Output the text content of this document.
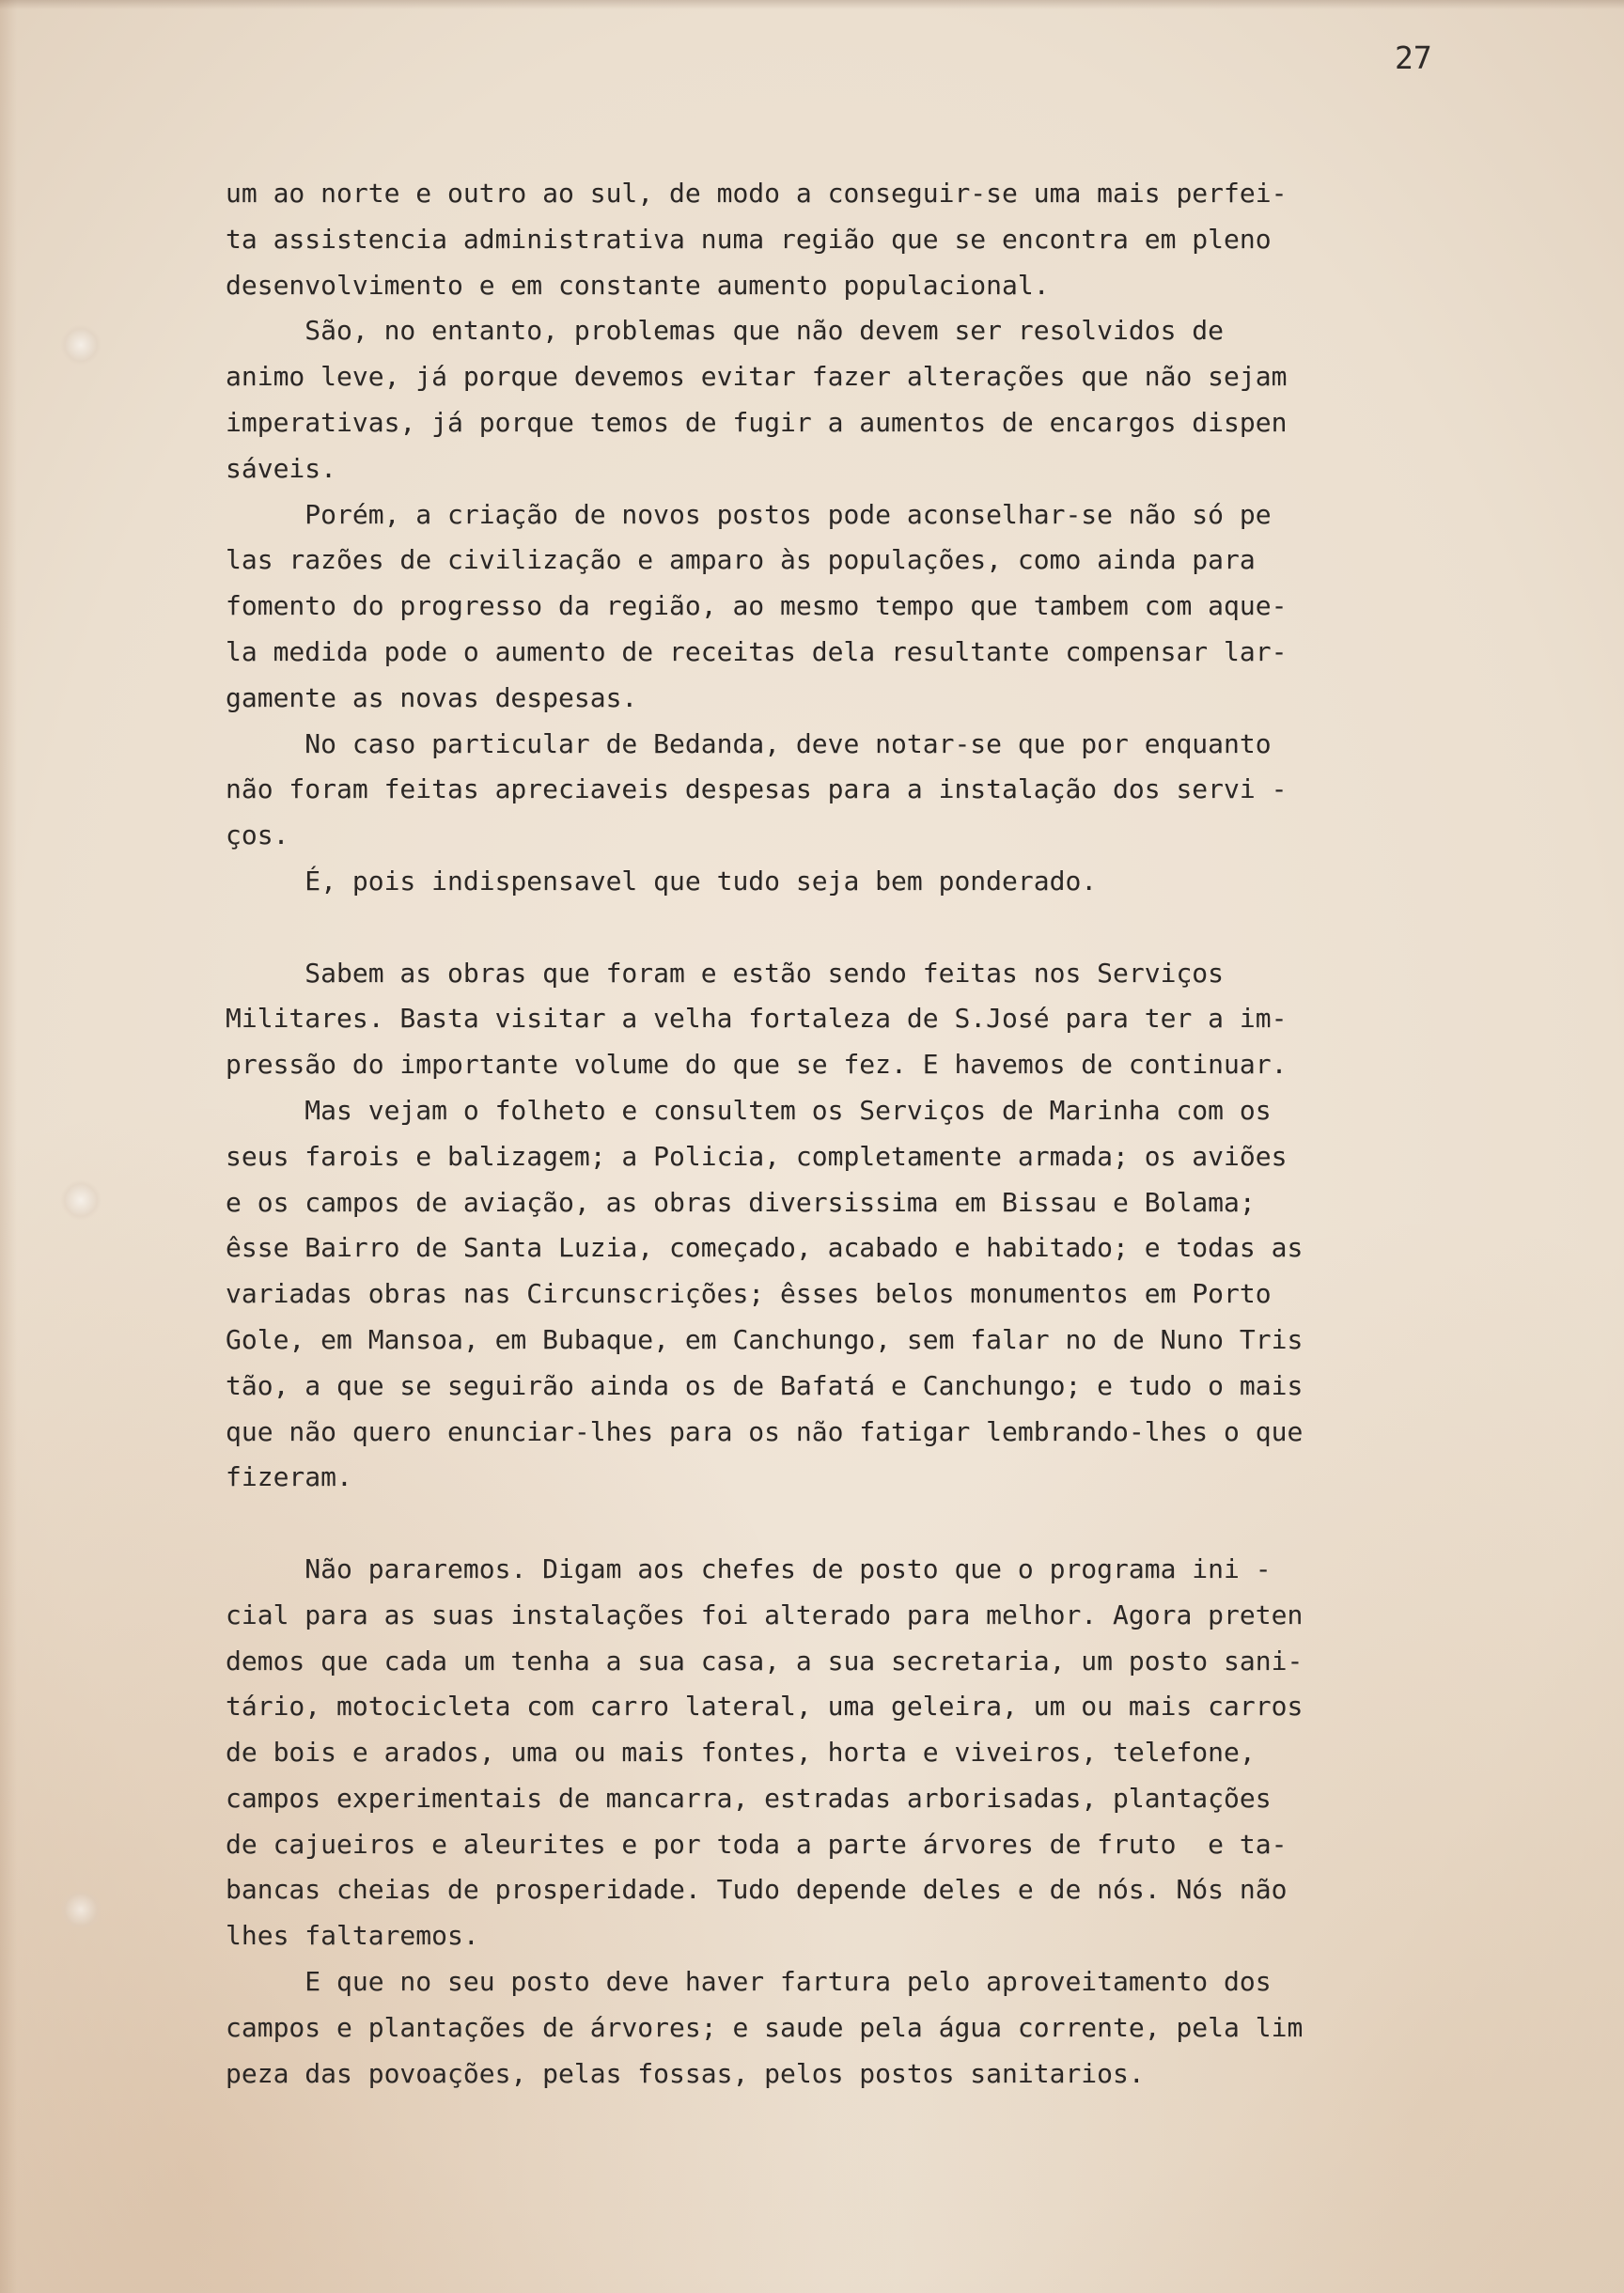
27

um ao norte e outro ao sul, de modo a conseguir-se uma mais perfei-

ta assistencia administrativa numa região que se encontra em pleno

desenvolvimento e em constante aumento populacional.

São, no entanto, problemas que não devem ser resolvidos de

animo leve, já porque devemos evitar fazer alterações que não sejam

imperativas, já porque temos de fugir a aumentos de encargos dispen

sáveis.

Porém, a criação de novos postos pode aconselhar-se não só pe

las razões de civilização e amparo às populações, como ainda para

fomento do progresso da região, ao mesmo tempo que tambem com aque-

la medida pode o aumento de receitas dela resultante compensar lar-

gamente as novas despesas.

No caso particular de Bedanda, deve notar-se que por enquanto

não foram feitas apreciaveis despesas para a instalação dos servi -

ços.

É, pois indispensavel que tudo seja bem ponderado.

Sabem as obras que foram e estão sendo feitas nos Serviços

Militares. Basta visitar a velha fortaleza de S.José para ter a im-

pressão do importante volume do que se fez. E havemos de continuar.

Mas vejam o folheto e consultem os Serviços de Marinha com os

seus farois e balizagem; a Policia, completamente armada; os aviões

e os campos de aviação, as obras diversissima em Bissau e Bolama;

êsse Bairro de Santa Luzia, começado, acabado e habitado; e todas as

variadas obras nas Circunscrições; êsses belos monumentos em Porto

Gole, em Mansoa, em Bubaque, em Canchungo, sem falar no de Nuno Tris

tão, a que se seguirão ainda os de Bafatá e Canchungo; e tudo o mais

que não quero enunciar-lhes para os não fatigar lembrando-lhes o que

fizeram.

Não pararemos. Digam aos chefes de posto que o programa ini -

cial para as suas instalações foi alterado para melhor. Agora preten

demos que cada um tenha a sua casa, a sua secretaria, um posto sani-

tário, motocicleta com carro lateral, uma geleira, um ou mais carros

de bois e arados, uma ou mais fontes, horta e viveiros, telefone,

campos experimentais de mancarra, estradas arborisadas, plantações

de cajueiros e aleurites e por toda a parte árvores de fruto  e ta-

bancas cheias de prosperidade. Tudo depende deles e de nós. Nós não

lhes faltaremos.

E que no seu posto deve haver fartura pelo aproveitamento dos

campos e plantações de árvores; e saude pela água corrente, pela lim

peza das povoações, pelas fossas, pelos postos sanitarios.
